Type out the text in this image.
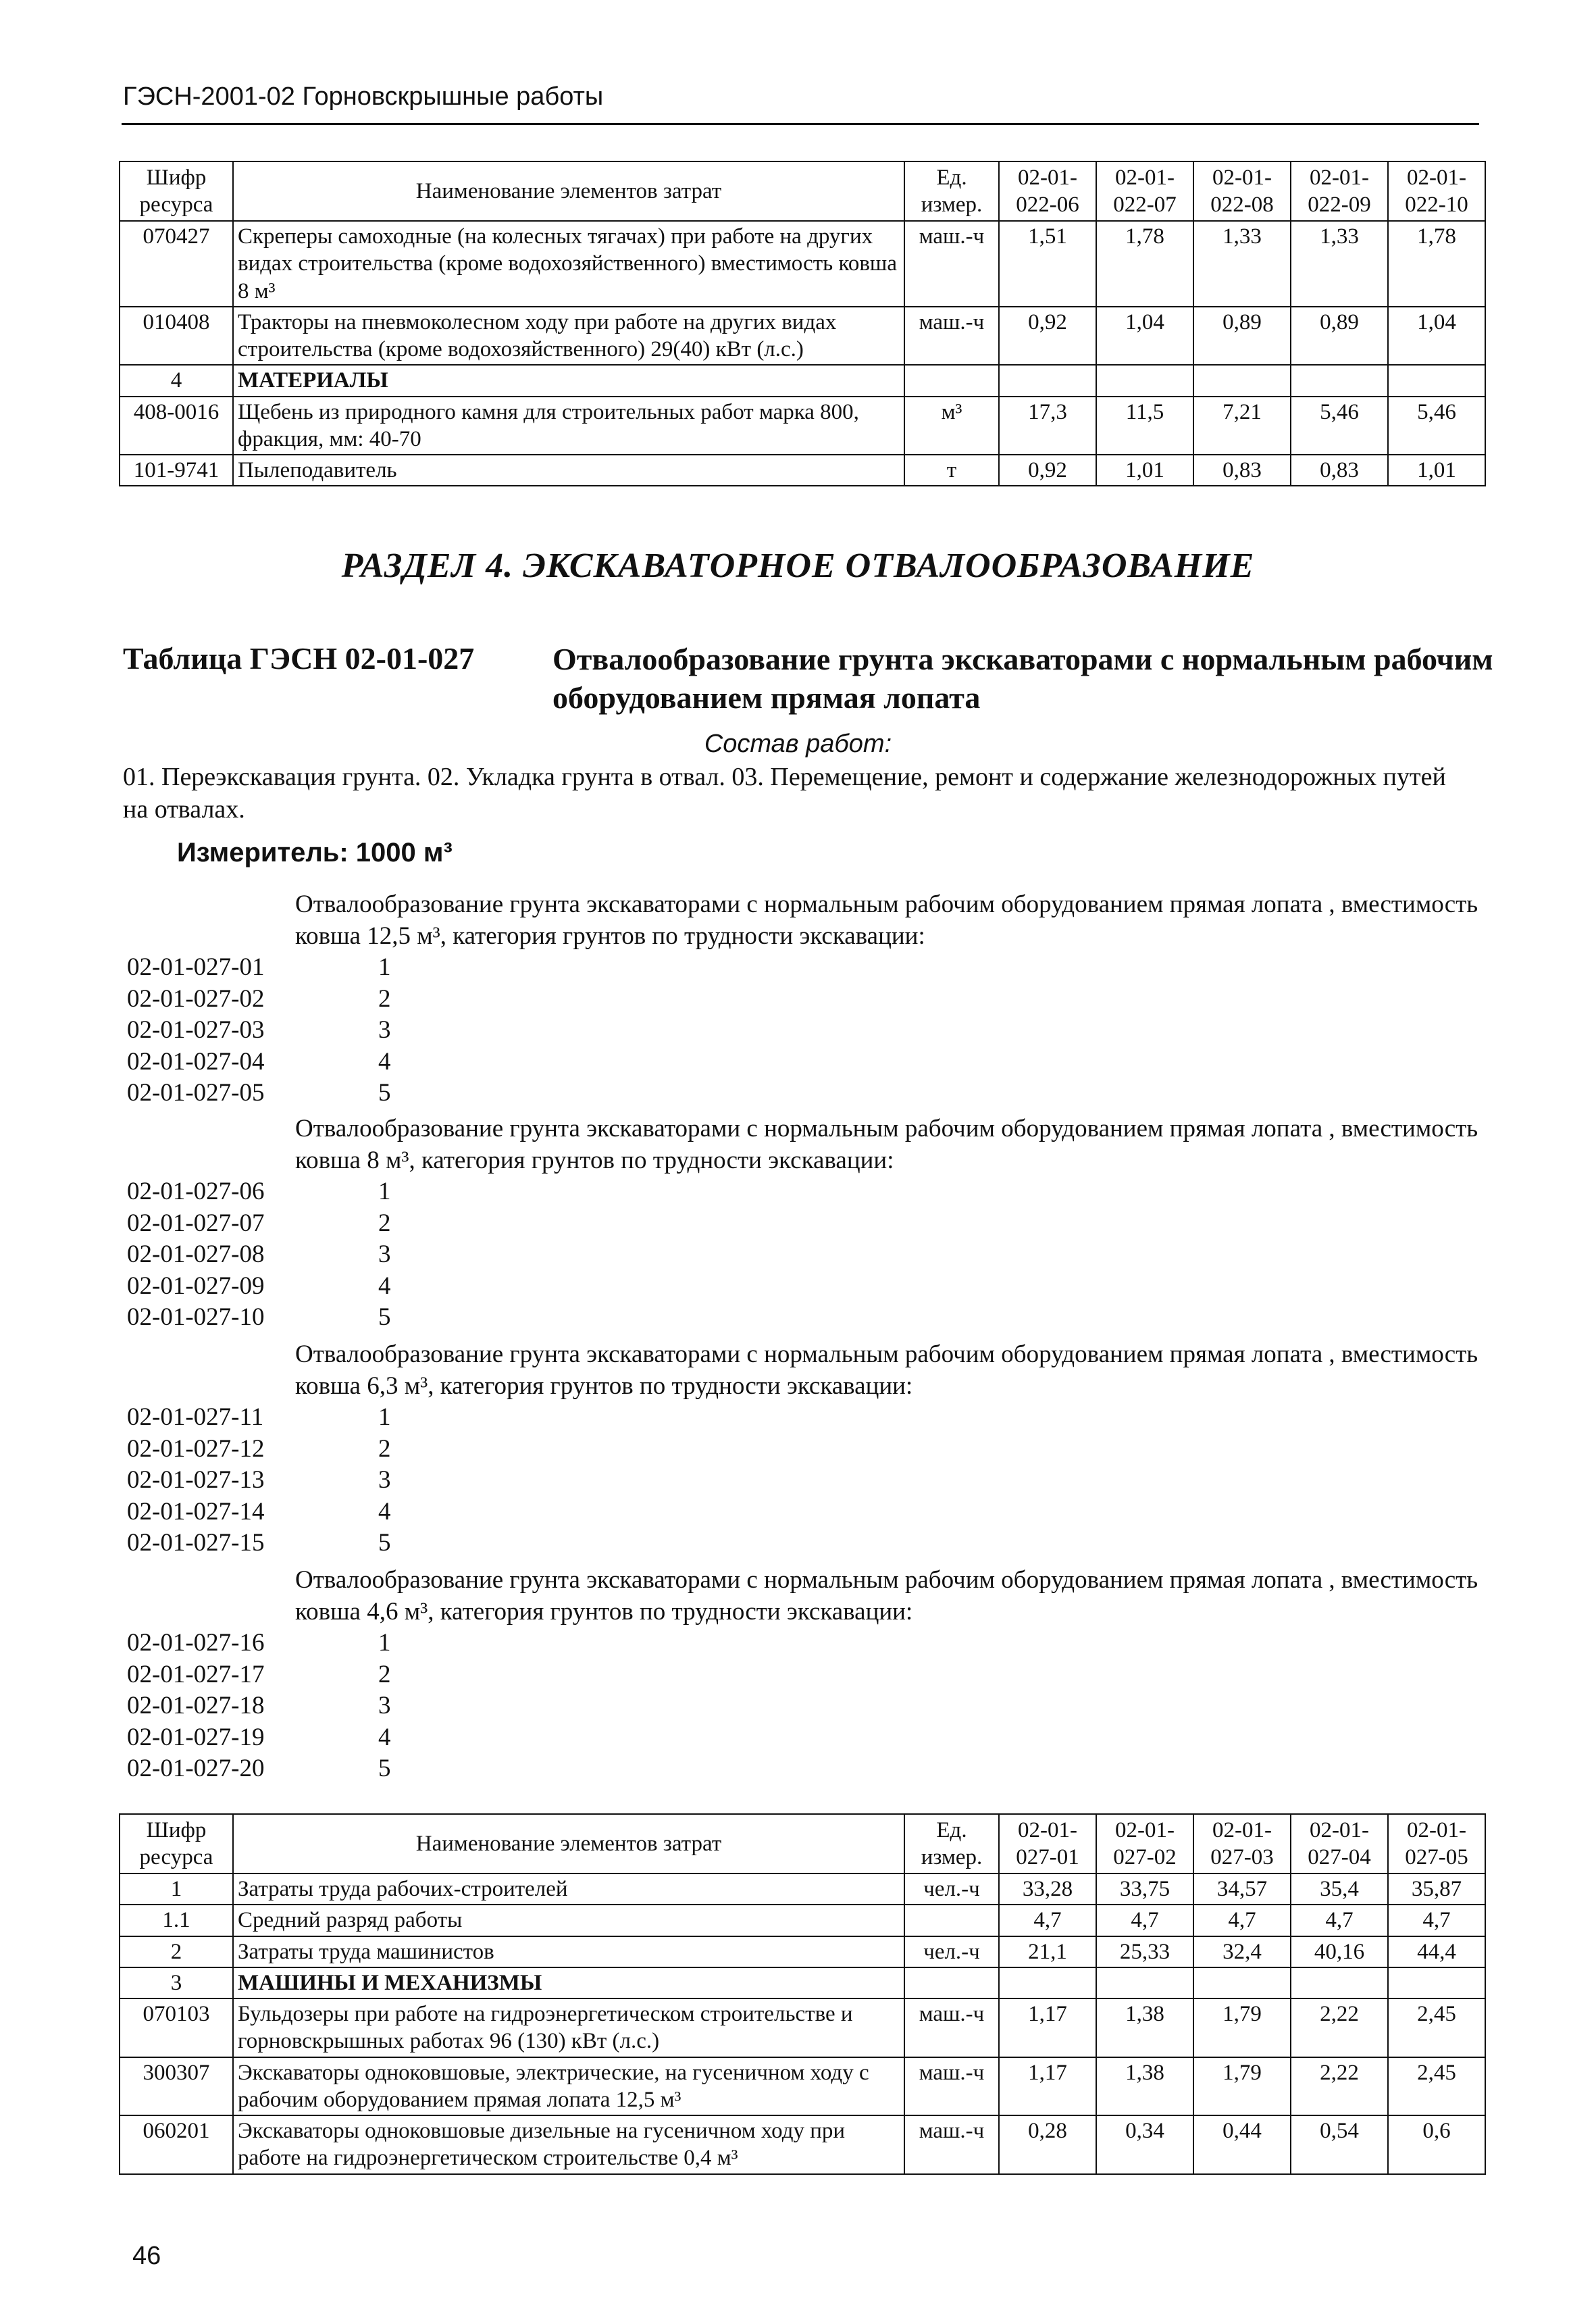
ГЭСН-2001-02 Горновскрышные работы
Шифр ресурса	Наименование элементов затрат	Ед. измер.	02-01-022-06	02-01-022-07	02-01-022-08	02-01-022-09	02-01-022-10
070427	Скреперы самоходные (на колесных тягачах) при работе на других видах строительства (кроме водохозяйственного) вместимость ковша 8 м³	маш.-ч	1,51	1,78	1,33	1,33	1,78
010408	Тракторы на пневмоколесном ходу при работе на других видах строительства (кроме водохозяйственного) 29(40) кВт (л.с.)	маш.-ч	0,92	1,04	0,89	0,89	1,04
4	МАТЕРИАЛЫ						
408-0016	Щебень из природного камня для строительных работ марка 800, фракция, мм: 40-70	м³	17,3	11,5	7,21	5,46	5,46
101-9741	Пылеподавитель	т	0,92	1,01	0,83	0,83	1,01
РАЗДЕЛ 4. ЭКСКАВАТОРНОЕ ОТВАЛООБРАЗОВАНИЕ
Таблица ГЭСН 02-01-027	Отвалообразование грунта экскаваторами с нормальным рабочим оборудованием прямая лопата
Состав работ:
01. Переэкскавация грунта. 02. Укладка грунта в отвал. 03. Перемещение, ремонт и содержание железнодорожных путей на отвалах.
Измеритель: 1000 м³
Отвалообразование грунта экскаваторами с нормальным рабочим оборудованием прямая лопата , вместимость ковша 12,5 м³, категория грунтов по трудности экскавации:
02-01-027-01	1
02-01-027-02	2
02-01-027-03	3
02-01-027-04	4
02-01-027-05	5
Отвалообразование грунта экскаваторами с нормальным рабочим оборудованием прямая лопата , вместимость ковша 8 м³, категория грунтов по трудности экскавации:
02-01-027-06	1
02-01-027-07	2
02-01-027-08	3
02-01-027-09	4
02-01-027-10	5
Отвалообразование грунта экскаваторами с нормальным рабочим оборудованием прямая лопата , вместимость ковша 6,3 м³, категория грунтов по трудности экскавации:
02-01-027-11	1
02-01-027-12	2
02-01-027-13	3
02-01-027-14	4
02-01-027-15	5
Отвалообразование грунта экскаваторами с нормальным рабочим оборудованием прямая лопата , вместимость ковша 4,6 м³, категория грунтов по трудности экскавации:
02-01-027-16	1
02-01-027-17	2
02-01-027-18	3
02-01-027-19	4
02-01-027-20	5
Шифр ресурса	Наименование элементов затрат	Ед. измер.	02-01-027-01	02-01-027-02	02-01-027-03	02-01-027-04	02-01-027-05
1	Затраты труда рабочих-строителей	чел.-ч	33,28	33,75	34,57	35,4	35,87
1.1	Средний разряд работы		4,7	4,7	4,7	4,7	4,7
2	Затраты труда машинистов	чел.-ч	21,1	25,33	32,4	40,16	44,4
3	МАШИНЫ И МЕХАНИЗМЫ						
070103	Бульдозеры при работе на гидроэнергетическом строительстве и горновскрышных работах 96 (130) кВт (л.с.)	маш.-ч	1,17	1,38	1,79	2,22	2,45
300307	Экскаваторы одноковшовые, электрические, на гусеничном ходу с рабочим оборудованием прямая лопата 12,5 м³	маш.-ч	1,17	1,38	1,79	2,22	2,45
060201	Экскаваторы одноковшовые дизельные на гусеничном ходу при работе на гидроэнергетическом строительстве 0,4 м³	маш.-ч	0,28	0,34	0,44	0,54	0,6
46
